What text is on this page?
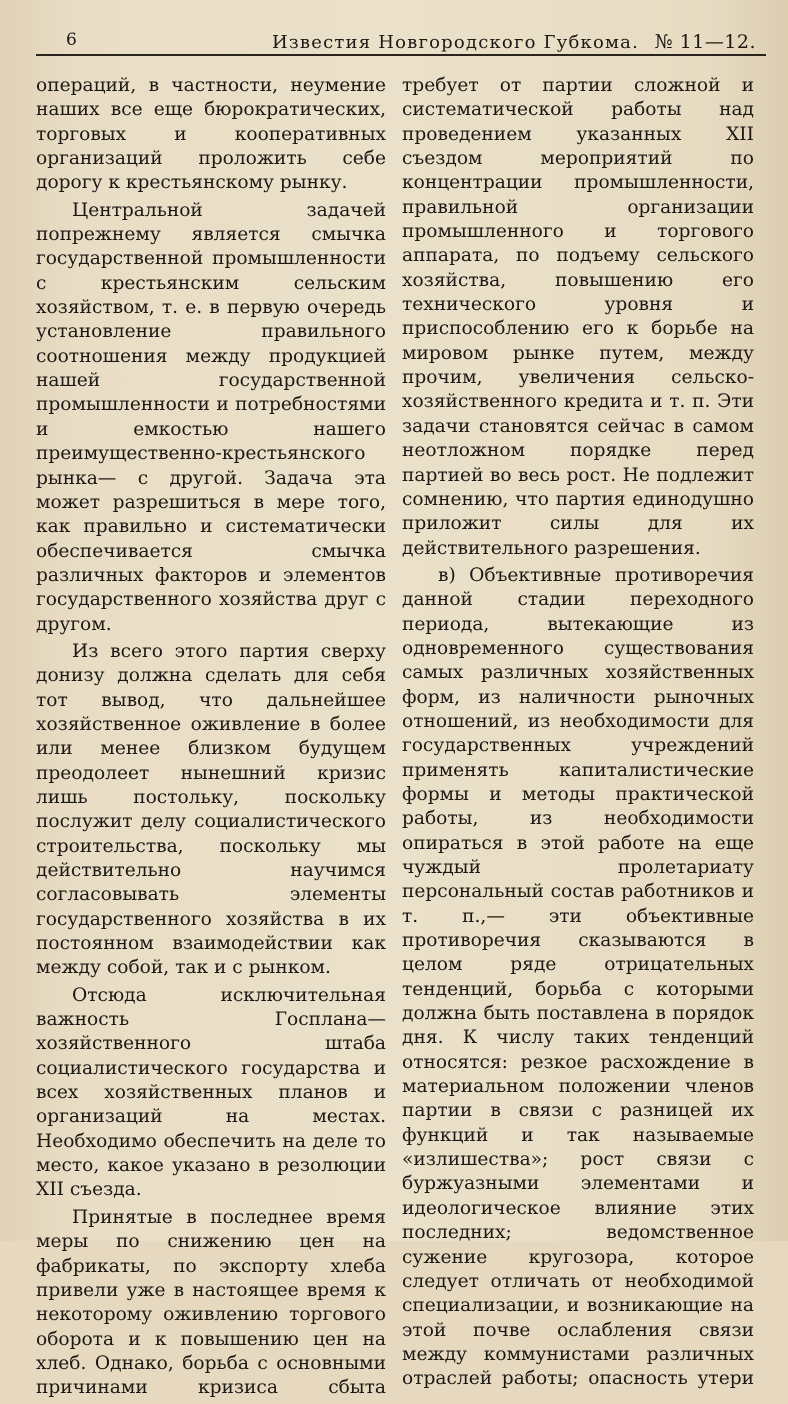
6	Известия Новгородского Губкома. № 11—12.

операций, в частности, неумение наших все еще бюрократических, торговых и кооперативных организаций проложить себе дорогу к крестьянскому рынку.

Центральной задачей попрежнему является смычка государственной промышленности с крестьянским сельским хозяйством, т. е. в первую очередь установление правильного соотношения между продукцией нашей государственной промышленности и потребностями и емкостью нашего преимущественно-крестьянского рынка— с другой. Задача эта может разрешиться в мере того, как правильно и систематически обеспечивается смычка различных факторов и элементов государственного хозяйства друг с другом.

Из всего этого партия сверху донизу должна сделать для себя тот вывод, что дальнейшее хозяйственное оживление в более или менее близком будущем преодолеет нынешний кризис лишь постольку, поскольку послужит делу социалистического строительства, поскольку мы действительно научимся согласовывать элементы государственного хозяйства в их постоянном взаимодействии как между собой, так и с рынком.

Отсюда исключительная важность Госплана—хозяйственного штаба социалистического государства и всех хозяйственных планов и организаций на местах. Необходимо обеспечить на деле то место, какое указано в резолюции XII съезда.

Принятые в последнее время меры по снижению цен на фабрикаты, по экспорту хлеба привели уже в настоящее время к некоторому оживлению торгового оборота и к повышению цен на хлеб. Однако, борьба с основными причинами кризиса сбыта

требует от партии сложной и систематической работы над проведением указанных XII съездом мероприятий по концентрации промышленности, правильной организации промышленного и торгового аппарата, по подъему сельского хозяйства, повышению его технического уровня и приспособлению его к борьбе на мировом рынке путем, между прочим, увеличения сельско-хозяйственного кредита и т. п. Эти задачи становятся сейчас в самом неотложном порядке перед партией во весь рост. Не подлежит сомнению, что партия единодушно приложит силы для их действительного разрешения.

в) Объективные противоречия данной стадии переходного периода, вытекающие из одновременного существования самых различных хозяйственных форм, из наличности рыночных отношений, из необходимости для государственных учреждений применять капиталистические формы и методы практической работы, из необходимости опираться в этой работе на еще чуждый пролетариату персональный состав работников и т. п.,— эти объективные противоречия сказываются в целом ряде отрицательных тенденций, борьба с которыми должна быть поставлена в порядок дня. К числу таких тенденций относятся: резкое расхождение в материальном положении членов партии в связи с разницей их функций и так называемые «излишества»; рост связи с буржуазными элементами и идеологическое влияние этих последних; ведомственное сужение кругозора, которое следует отличать от необходимой специализации, и возникающие на этой почве ослабления связи между коммунистами различных отраслей работы; опасность утери
